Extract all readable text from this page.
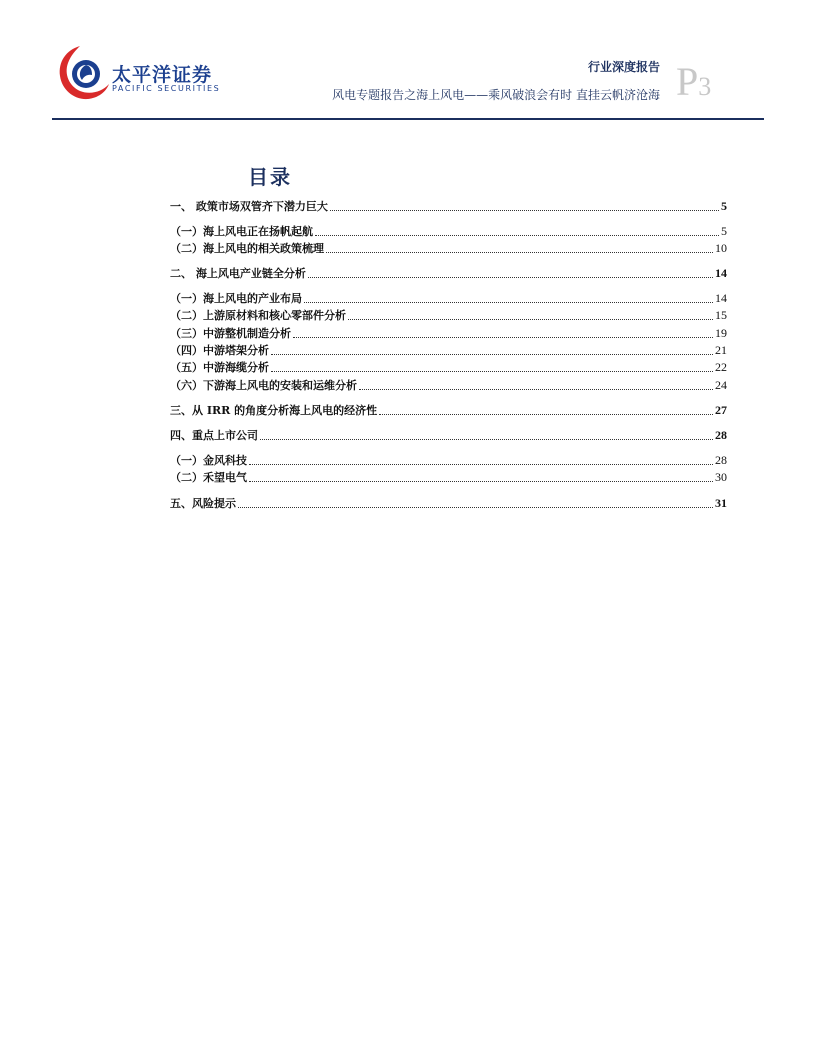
太平洋证券
PACIFIC SECURITIES
行业深度报告
风电专题报告之海上风电——乘风破浪会有时 直挂云帆济沧海 P3
目录
一、 政策市场双管齐下潜力巨大	5
（一）海上风电正在扬帆起航	5
（二）海上风电的相关政策梳理	10
二、 海上风电产业链全分析	14
（一）海上风电的产业布局	14
（二）上游原材料和核心零部件分析	15
（三）中游整机制造分析	19
（四）中游塔架分析	21
（五）中游海缆分析	22
（六）下游海上风电的安装和运维分析	24
三、从 IRR 的角度分析海上风电的经济性	27
四、重点上市公司	28
（一）金风科技	28
（二）禾望电气	30
五、风险提示	31
